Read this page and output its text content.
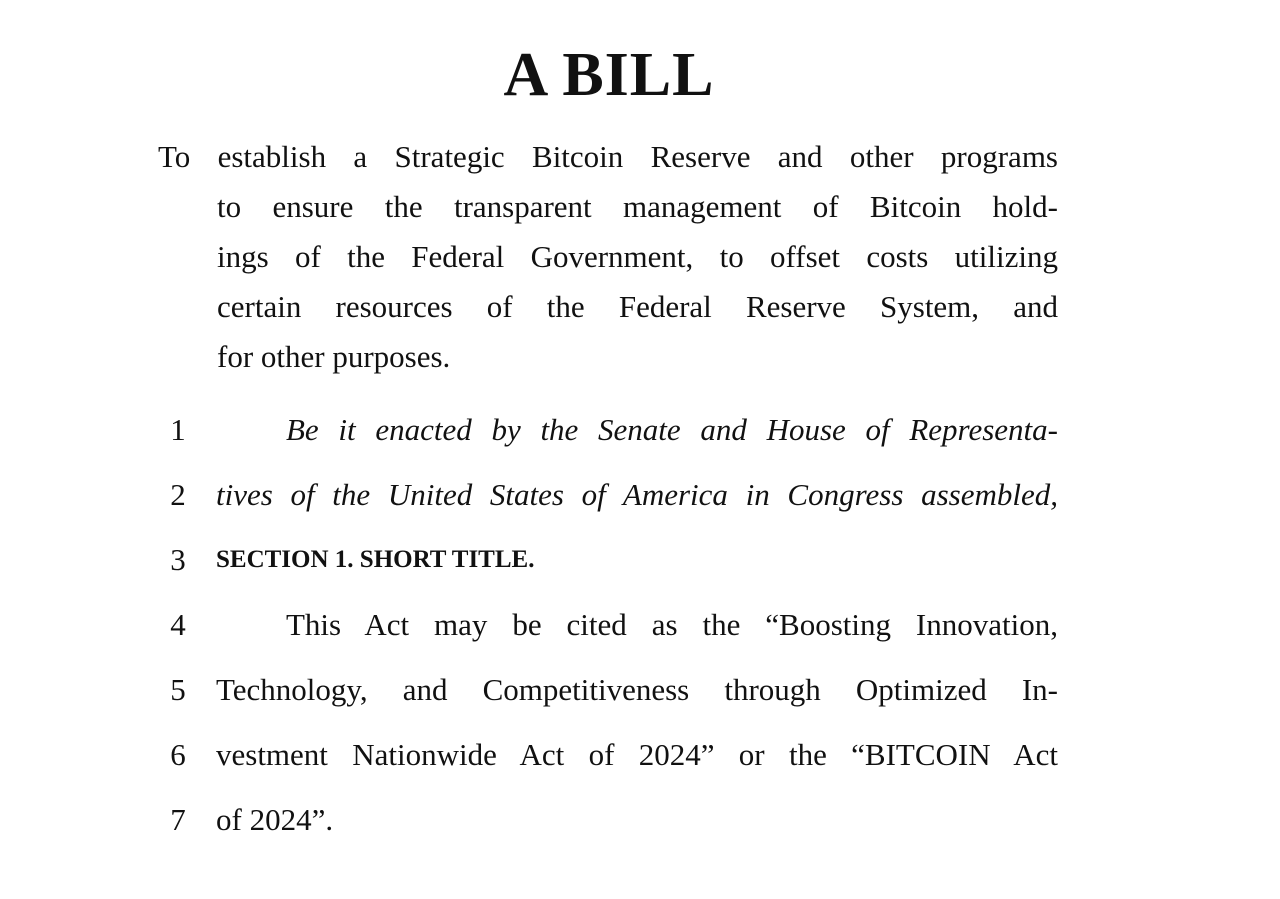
A BILL
To establish a Strategic Bitcoin Reserve and other programs
to ensure the transparent management of Bitcoin hold-
ings of the Federal Government, to offset costs utilizing
certain resources of the Federal Reserve System, and
for other purposes.
1	Be it enacted by the Senate and House of Representa-
2 tives of the United States of America in Congress assembled,
3	SECTION 1. SHORT TITLE.
4	This Act may be cited as the “Boosting Innovation,
5 Technology, and Competitiveness through Optimized In-
6 vestment Nationwide Act of 2024” or the “BITCOIN Act
7 of 2024”.
